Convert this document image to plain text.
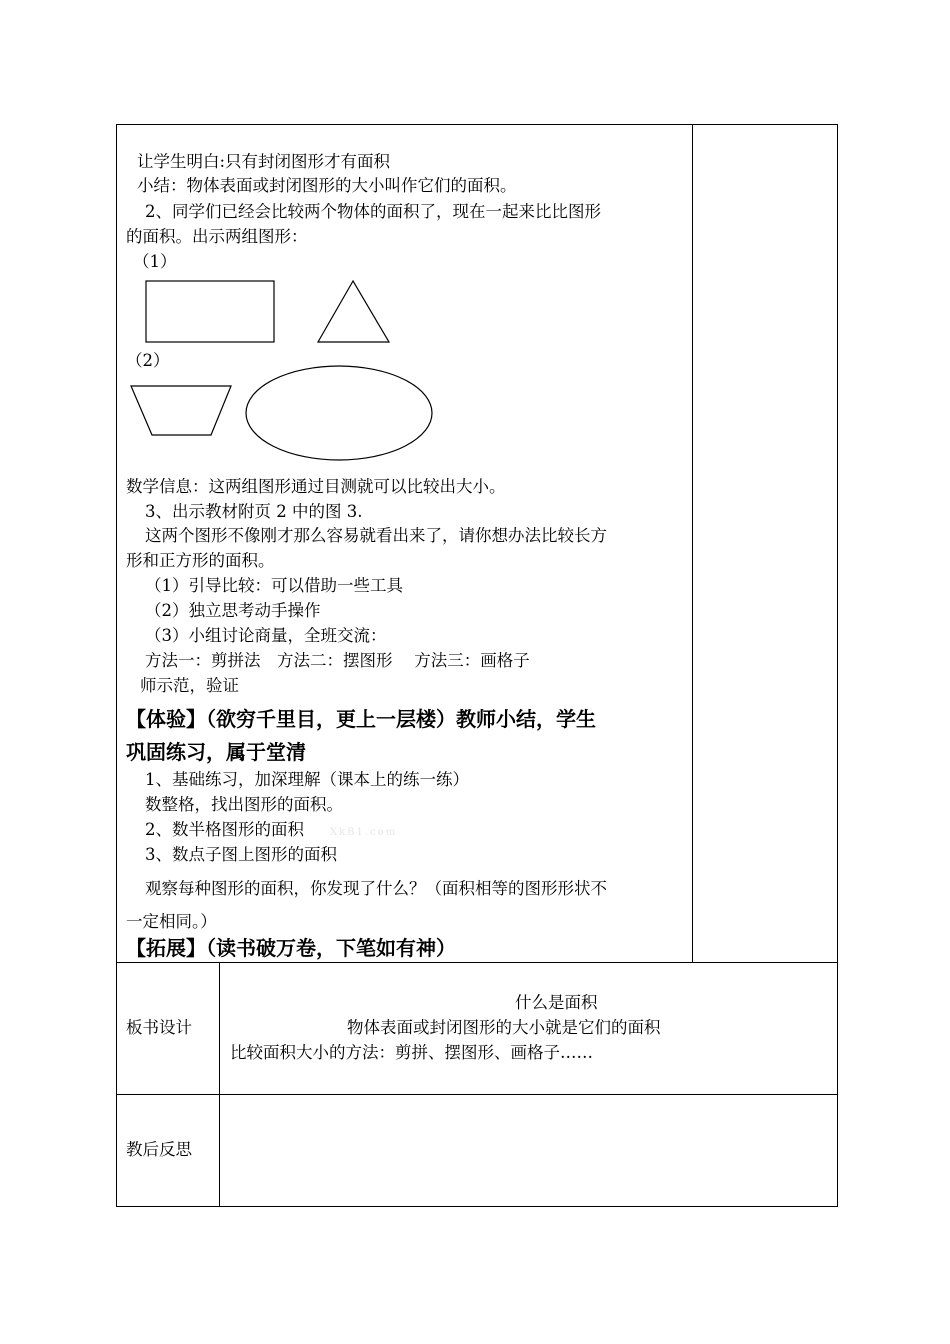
让学生明白:只有封闭图形才有面积
小结：物体表面或封闭图形的大小叫作它们的面积。
2、同学们已经会比较两个物体的面积了，现在一起来比比图形
的面积。出示两组图形：
（1）
（2）
数学信息：这两组图形通过目测就可以比较出大小。
3、出示教材附页 2 中的图 3.
这两个图形不像刚才那么容易就看出来了，请你想办法比较长方
形和正方形的面积。
（1）引导比较：可以借助一些工具
（2）独立思考动手操作
（3）小组讨论商量，全班交流：
方法一：剪拼法　方法二：摆图形　 方法三：画格子
师示范，验证
【体验】（欲穷千里目，更上一层楼）教师小结，学生
巩固练习，属于堂清
1、基础练习，加深理解（课本上的练一练）
数整格，找出图形的面积。
2、数半格图形的面积	XkB1.com
3、数点子图上图形的面积
观察每种图形的面积，你发现了什么？（面积相等的图形形状不
一定相同。）
【拓展】（读书破万卷，下笔如有神）
板书设计
什么是面积
物体表面或封闭图形的大小就是它们的面积
比较面积大小的方法：剪拼、摆图形、画格子……
教后反思
